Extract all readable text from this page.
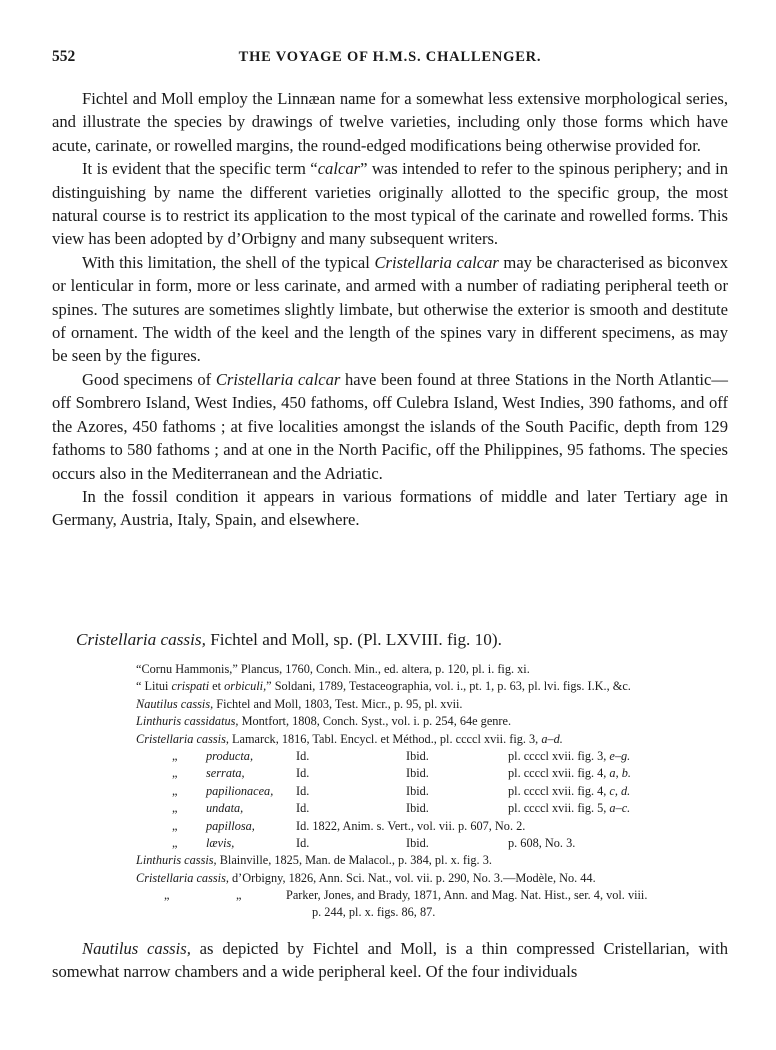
552	THE VOYAGE OF H.M.S. CHALLENGER.

Fichtel and Moll employ the Linnæan name for a somewhat less extensive morphological series, and illustrate the species by drawings of twelve varieties, including only those forms which have acute, carinate, or rowelled margins, the round-edged modifications being otherwise provided for.

It is evident that the specific term “calcar” was intended to refer to the spinous periphery; and in distinguishing by name the different varieties originally allotted to the specific group, the most natural course is to restrict its application to the most typical of the carinate and rowelled forms. This view has been adopted by d’Orbigny and many subsequent writers.

With this limitation, the shell of the typical Cristellaria calcar may be characterised as biconvex or lenticular in form, more or less carinate, and armed with a number of radiating peripheral teeth or spines. The sutures are sometimes slightly limbate, but otherwise the exterior is smooth and destitute of ornament. The width of the keel and the length of the spines vary in different specimens, as may be seen by the figures.

Good specimens of Cristellaria calcar have been found at three Stations in the North Atlantic—off Sombrero Island, West Indies, 450 fathoms, off Culebra Island, West Indies, 390 fathoms, and off the Azores, 450 fathoms ; at five localities amongst the islands of the South Pacific, depth from 129 fathoms to 580 fathoms ; and at one in the North Pacific, off the Philippines, 95 fathoms. The species occurs also in the Mediterranean and the Adriatic.

In the fossil condition it appears in various formations of middle and later Tertiary age in Germany, Austria, Italy, Spain, and elsewhere.

Cristellaria cassis, Fichtel and Moll, sp. (Pl. LXVIII. fig. 10).
“Cornu Hammonis,” Plancus, 1760, Conch. Min., ed. altera, p. 120, pl. i. fig. xi.
“ Litui crispati et orbiculi,” Soldani, 1789, Testaceographia, vol. i., pt. 1, p. 63, pl. lvi. figs. I.K., &c.
Nautilus cassis, Fichtel and Moll, 1803, Test. Micr., p. 95, pl. xvii.
Linthuris cassidatus, Montfort, 1808, Conch. Syst., vol. i. p. 254, 64e genre.
Cristellaria cassis, Lamarck, 1816, Tabl. Encycl. et Méthod., pl. ccccl xvii. fig. 3, a–d.
„ producta,	Id.	Ibid.	pl. ccccl xvii. fig. 3, e–g.
„ serrata,	Id.	Ibid.	pl. ccccl xvii. fig. 4, a, b.
„ papilionacea, Id.	Ibid.	pl. ccccl xvii. fig. 4, c, d.
„ undata,	Id.	Ibid.	pl. ccccl xvii. fig. 5, a–c.
„ papillosa,	Id. 1822, Anim. s. Vert., vol. vii. p. 607, No. 2.
„ lævis,	Id.	Ibid.	p. 608, No. 3.
Linthuris cassis, Blainville, 1825, Man. de Malacol., p. 384, pl. x. fig. 3.
Cristellaria cassis, d’Orbigny, 1826, Ann. Sci. Nat., vol. vii. p. 290, No. 3.—Modèle, No. 44.
„	„	Parker, Jones, and Brady, 1871, Ann. and Mag. Nat. Hist., ser. 4, vol. viii.
p. 244, pl. x. figs. 86, 87.

Nautilus cassis, as depicted by Fichtel and Moll, is a thin compressed Cristellarian, with somewhat narrow chambers and a wide peripheral keel. Of the four individuals
